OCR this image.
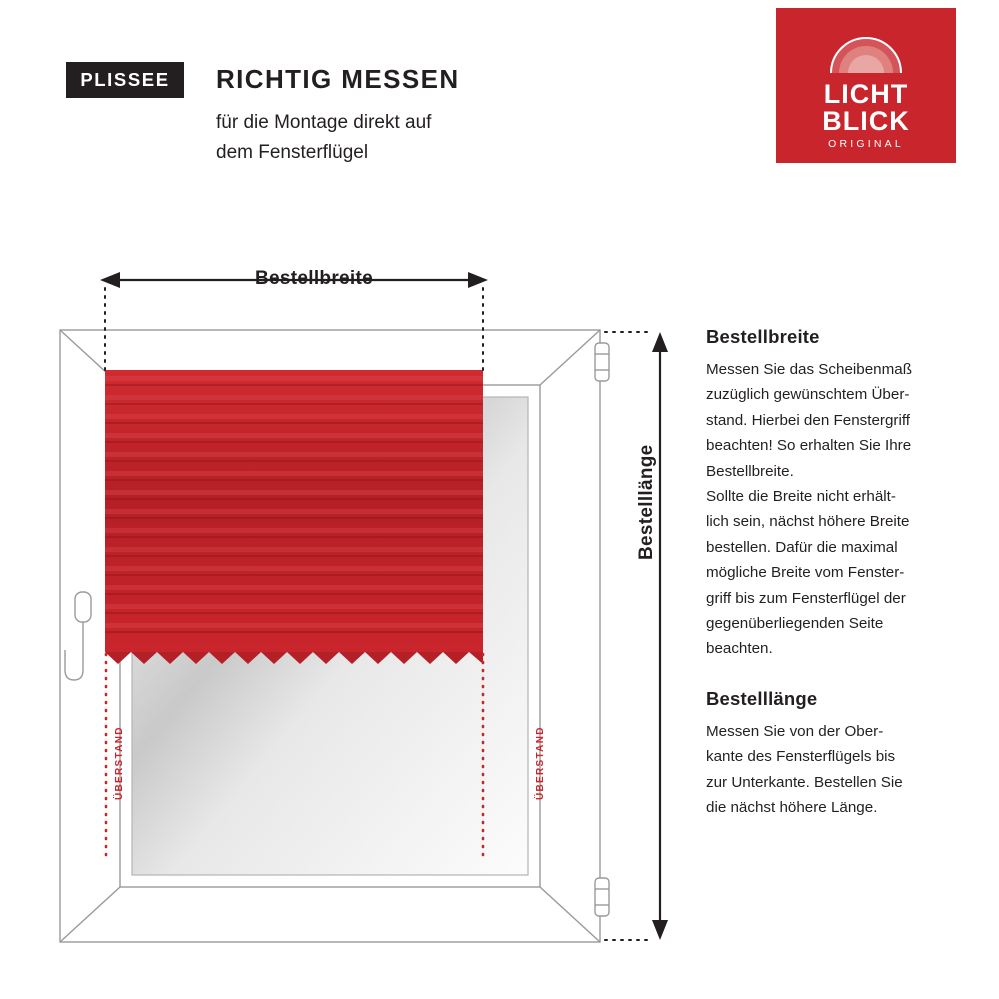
PLISSEE	RICHTIG MESSEN
für die Montage direkt auf
dem Fensterflügel
LICHT
BLICK
ORIGINAL
Bestellbreite
Bestelllänge
ÜBERSTAND	ÜBERSTAND
Bestellbreite

Messen Sie das Scheibenmaß

zuzüglich gewünschtem Über-

stand. Hierbei den Fenstergriff

beachten! So erhalten Sie Ihre

Bestellbreite.

Sollte die Breite nicht erhält-

lich sein, nächst höhere Breite

bestellen. Dafür die maximal

mögliche Breite vom Fenster-

griff bis zum Fensterflügel der

gegenüberliegenden Seite

beachten.

Bestelllänge

Messen Sie von der Ober-

kante des Fensterflügels bis

zur Unterkante. Bestellen Sie

die nächst höhere Länge.
